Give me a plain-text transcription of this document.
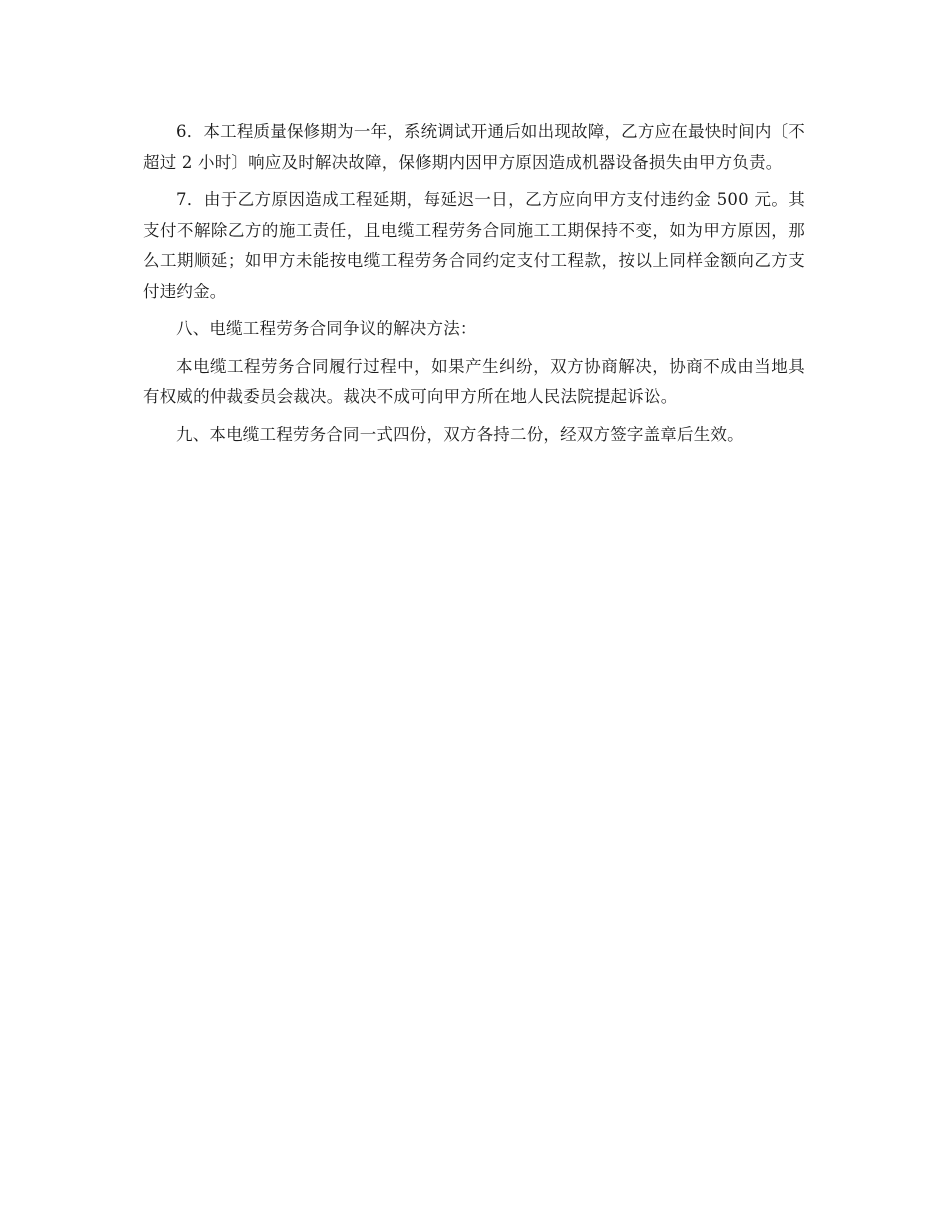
6．本工程质量保修期为一年，系统调试开通后如出现故障，乙方应在最快时间内〔不超过 2 小时〕响应及时解决故障，保修期内因甲方原因造成机器设备损失由甲方负责。

7．由于乙方原因造成工程延期，每延迟一日，乙方应向甲方支付违约金 500 元。其支付不解除乙方的施工责任，且电缆工程劳务合同施工工期保持不变，如为甲方原因，那么工期顺延；如甲方未能按电缆工程劳务合同约定支付工程款，按以上同样金额向乙方支付违约金。

八、电缆工程劳务合同争议的解决方法：

本电缆工程劳务合同履行过程中，如果产生纠纷，双方协商解决，协商不成由当地具有权威的仲裁委员会裁决。裁决不成可向甲方所在地人民法院提起诉讼。

九、本电缆工程劳务合同一式四份，双方各持二份，经双方签字盖章后生效。
